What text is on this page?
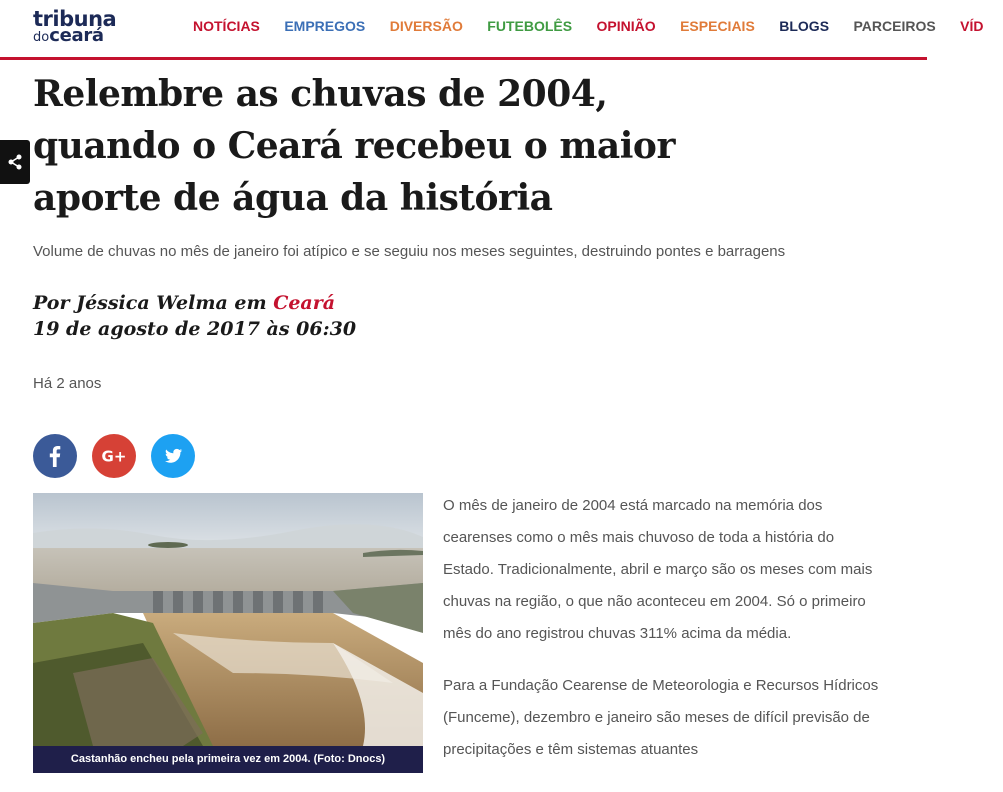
tribuna
doceará	NOTÍCIAS EMPREGOS DIVERSÃO FUTEBOLÊS OPINIÃO ESPECIAIS BLOGS PARCEIROS VÍD
Relembre as chuvas de 2004, quando o Ceará recebeu o maior aporte de água da história

Volume de chuvas no mês de janeiro foi atípico e se seguiu nos meses seguintes, destruindo pontes e barragens

Por Jéssica Welma em Ceará
19 de agosto de 2017 às 06:30
Há 2 anos
G+
Castanhão encheu pela primeira vez em 2004. (Foto: Dnocs)

O mês de janeiro de 2004 está marcado na memória dos cearenses como o mês mais chuvoso de toda a história do Estado. Tradicionalmente, abril e março são os meses com mais chuvas na região, o que não aconteceu em 2004. Só o primeiro mês do ano registrou chuvas 311% acima da média.

Para a Fundação Cearense de Meteorologia e Recursos Hídricos (Funceme), dezembro e janeiro são meses de difícil previsão de precipitações e têm sistemas atuantes
